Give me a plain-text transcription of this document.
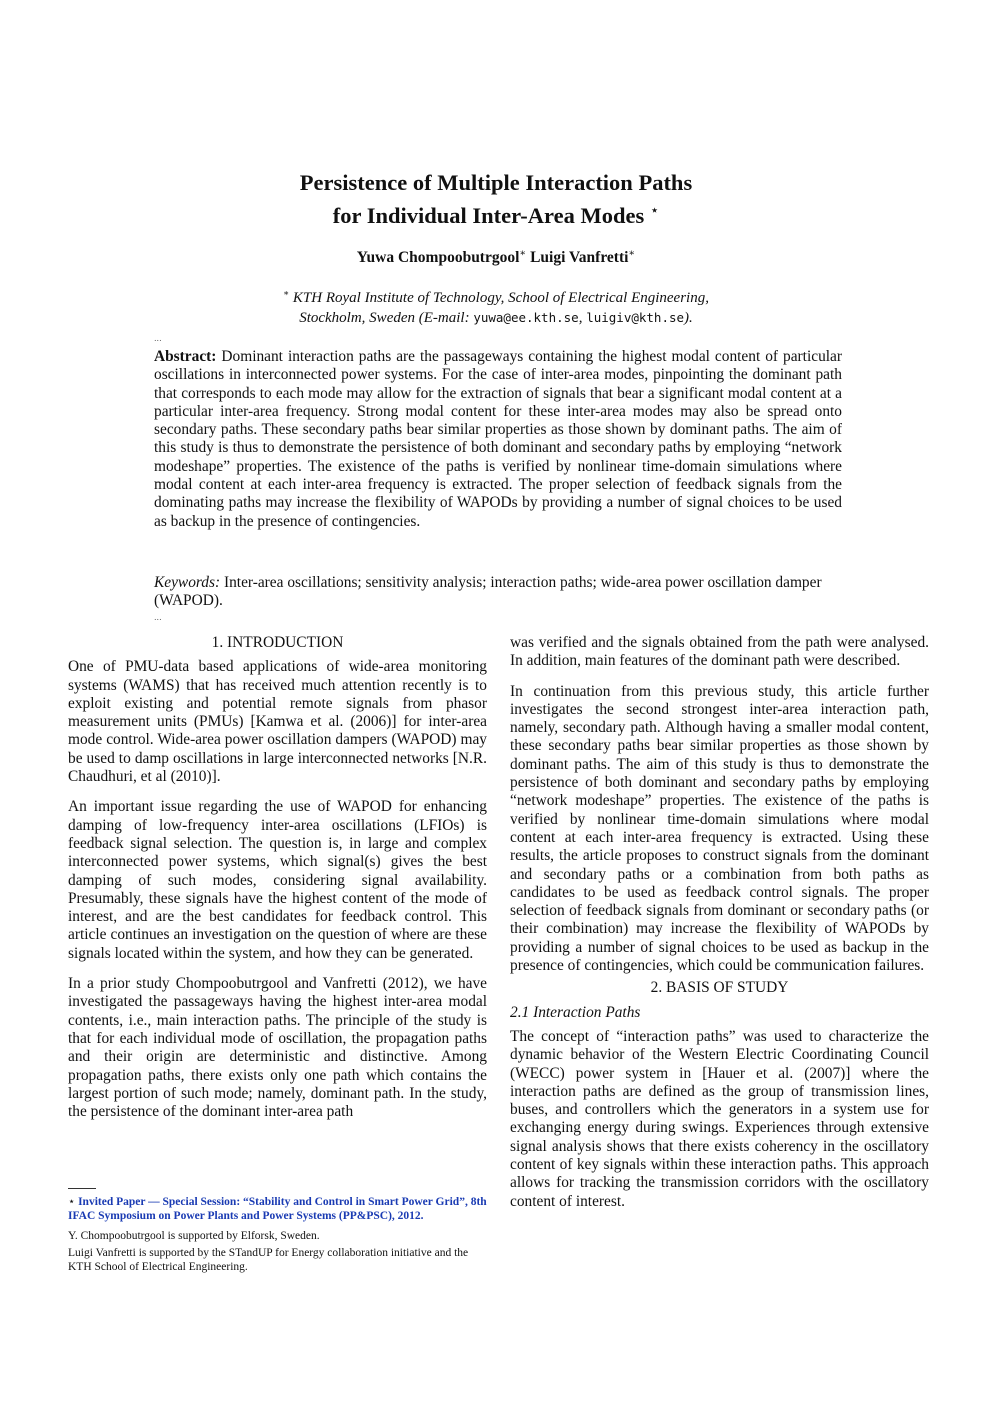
Persistence of Multiple Interaction Paths
for Individual Inter-Area Modes ⋆
Yuwa Chompoobutrgool∗ Luigi Vanfretti∗
∗ KTH Royal Institute of Technology, School of Electrical Engineering,
Stockholm, Sweden (E-mail: yuwa@ee.kth.se, luigiv@kth.se).
...
Abstract: Dominant interaction paths are the passageways containing the highest modal content of particular oscillations in interconnected power systems. For the case of inter-area modes, pinpointing the dominant path that corresponds to each mode may allow for the extraction of signals that bear a significant modal content at a particular inter-area frequency. Strong modal content for these inter-area modes may also be spread onto secondary paths. These secondary paths bear similar properties as those shown by dominant paths. The aim of this study is thus to demonstrate the persistence of both dominant and secondary paths by employing “network modeshape” properties. The existence of the paths is verified by nonlinear time-domain simulations where modal content at each inter-area frequency is extracted. The proper selection of feedback signals from the dominating paths may increase the flexibility of WAPODs by providing a number of signal choices to be used as backup in the presence of contingencies.
Keywords: Inter-area oscillations; sensitivity analysis; interaction paths; wide-area power oscillation damper (WAPOD).
...
1. INTRODUCTION

One of PMU-data based applications of wide-area monitoring systems (WAMS) that has received much attention recently is to exploit existing and potential remote signals from phasor measurement units (PMUs) [Kamwa et al. (2006)] for inter-area mode control. Wide-area power oscillation dampers (WAPOD) may be used to damp oscillations in large interconnected networks [N.R. Chaudhuri, et al (2010)].

An important issue regarding the use of WAPOD for enhancing damping of low-frequency inter-area oscillations (LFIOs) is feedback signal selection. The question is, in large and complex interconnected power systems, which signal(s) gives the best damping of such modes, considering signal availability. Presumably, these signals have the highest content of the mode of interest, and are the best candidates for feedback control. This article continues an investigation on the question of where are these signals located within the system, and how they can be generated.

In a prior study Chompoobutrgool and Vanfretti (2012), we have investigated the passageways having the highest inter-area modal contents, i.e., main interaction paths. The principle of the study is that for each individual mode of oscillation, the propagation paths and their origin are deterministic and distinctive. Among propagation paths, there exists only one path which contains the largest portion of such mode; namely, dominant path. In the study, the persistence of the dominant inter-area path

was verified and the signals obtained from the path were analysed. In addition, main features of the dominant path were described.

In continuation from this previous study, this article further investigates the second strongest inter-area interaction path, namely, secondary path. Although having a smaller modal content, these secondary paths bear similar properties as those shown by dominant paths. The aim of this study is thus to demonstrate the persistence of both dominant and secondary paths by employing “network modeshape” properties. The existence of the paths is verified by nonlinear time-domain simulations where modal content at each inter-area frequency is extracted. Using these results, the article proposes to construct signals from the dominant and secondary paths or a combination from both paths as candidates to be used as feedback control signals. The proper selection of feedback signals from dominant or secondary paths (or their combination) may increase the flexibility of WAPODs by providing a number of signal choices to be used as backup in the presence of contingencies, which could be communication failures.

2. BASIS OF STUDY
2.1 Interaction Paths

The concept of “interaction paths” was used to characterize the dynamic behavior of the Western Electric Coordinating Council (WECC) power system in [Hauer et al. (2007)] where the interaction paths are defined as the group of transmission lines, buses, and controllers which the generators in a system use for exchanging energy during swings. Experiences through extensive signal analysis shows that there exists coherency in the oscillatory content of key signals within these interaction paths. This approach allows for tracking the transmission corridors with the oscillatory content of interest.

⋆ Invited Paper — Special Session: “Stability and Control in Smart Power Grid”, 8th IFAC Symposium on Power Plants and Power Systems (PP&PSC), 2012.

Y. Chompoobutrgool is supported by Elforsk, Sweden.

Luigi Vanfretti is supported by the STandUP for Energy collaboration initiative and the KTH School of Electrical Engineering.
